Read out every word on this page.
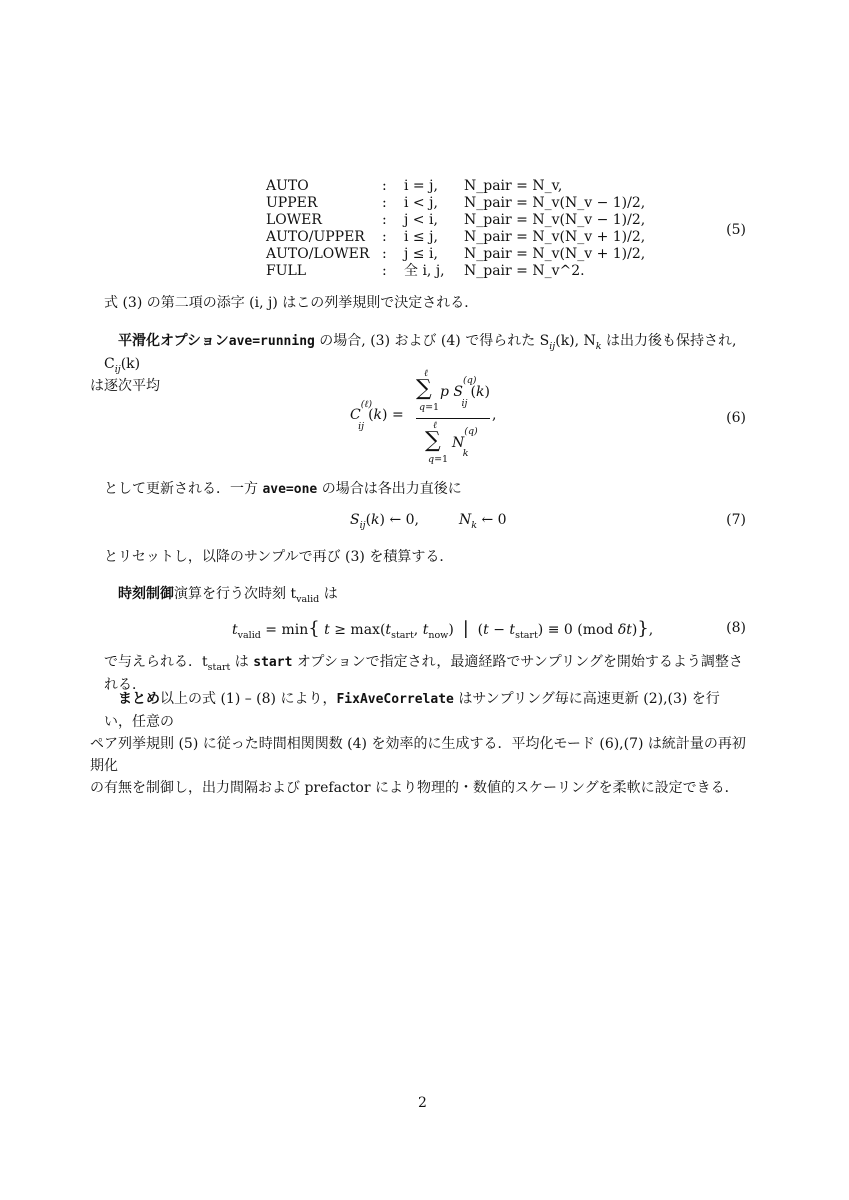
AUTO	:	i = j,	N_pair = N_v,
UPPER	:	i < j,	N_pair = N_v(N_v − 1)/2,
LOWER	:	j < i,	N_pair = N_v(N_v − 1)/2,
AUTO/UPPER	:	i ≤ j,	N_pair = N_v(N_v + 1)/2,
AUTO/LOWER	:	j ≤ i,	N_pair = N_v(N_v + 1)/2,
FULL	:	全 i, j,	N_pair = N_v^2.
(5)
式 (3) の第二項の添字 (i, j) はこの列挙規則で決定される．
平滑化オプションave=running の場合, (3) および (4) で得られた $S_{ij}(k)$, $N_k$ は出力後も保持され, $C_{ij}(k)$
は逐次平均
$C^{(\ell)}_{ij}(k)$ =
ℓ
∑
q=1
p $S^{(q)}_{ij}(k)$
ℓ
∑
q=1
$N^{(q)}_k$
,	(6)
として更新される．一方 ave=one の場合は各出力直後に
$S_{ij}(k)$ ← 0,	$N_k$ ← 0	(7)
とリセットし，以降のサンプルで再び (3) を積算する．
時刻制御演算を行う次時刻 $t_{valid}$ は
$t_{valid} = \min${ $t \ge \max(t_{start}$, $t_{now}$)  |  $(t - t_{start}) \equiv 0$ (mod δt)},	(8)
で与えられる．$t_{start}$ は start オプションで指定され，最適経路でサンプリングを開始するよう調整される．
まとめ以上の式 (1) – (8) により，FixAveCorrelate はサンプリング毎に高速更新 (2),(3) を行い，任意の
ペア列挙規則 (5) に従った時間相関関数 (4) を効率的に生成する．平均化モード (6),(7) は統計量の再初期化
の有無を制御し，出力間隔および prefactor により物理的・数値的スケーリングを柔軟に設定できる．
2
